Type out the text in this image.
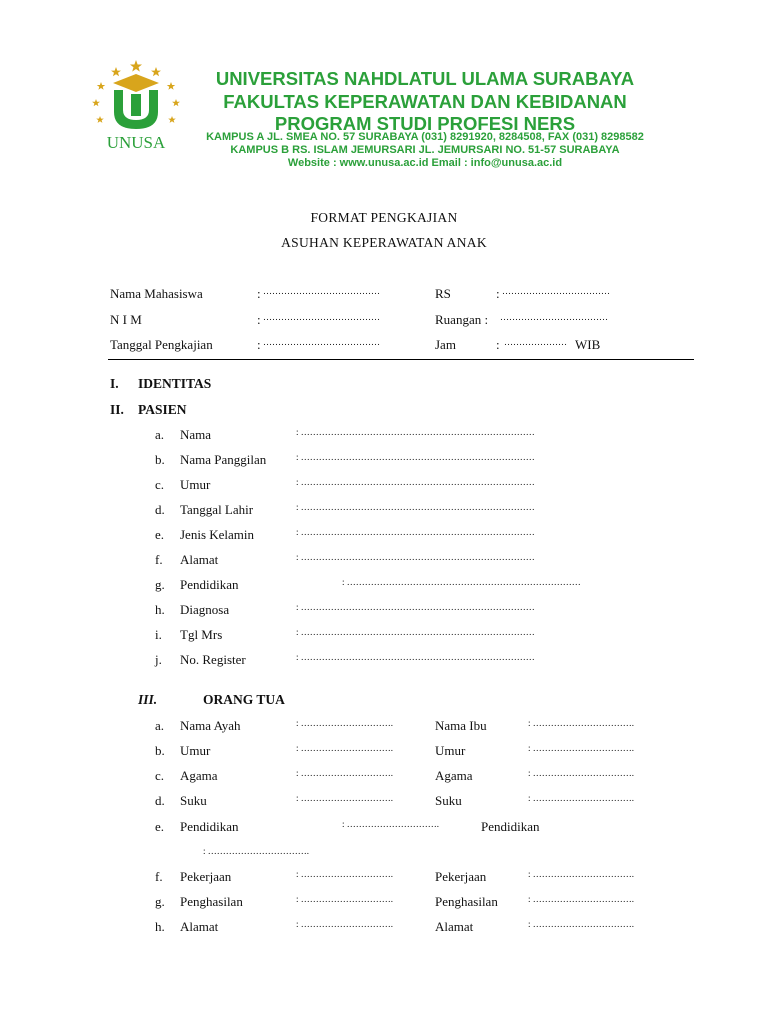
UNUSA
UNIVERSITAS NAHDLATUL ULAMA SURABAYA
FAKULTAS KEPERAWATAN DAN KEBIDANAN
PROGRAM STUDI PROFESI NERS
KAMPUS A JL. SMEA NO. 57 SURABAYA (031) 8291920, 8284508, FAX (031) 8298582
KAMPUS B RS. ISLAM JEMURSARI JL. JEMURSARI NO. 51-57 SURABAYA
Website : www.unusa.ac.id Email : info@unusa.ac.id
FORMAT PENGKAJIAN
ASUHAN KEPERAWATAN ANAK
Nama Mahasiswa	: …………………………………
N I M	: …………………………………
Tanggal Pengkajian	: …………………………………
RS	: ………………………………
Ruangan : ………………………………
Jam	: ………………… WIB
I. IDENTITAS
II. PASIEN
a. Nama	: ……………………………………………………………………
b. Nama Panggilan	: ……………………………………………………………………
c. Umur	: ……………………………………………………………………
d. Tanggal Lahir	: ……………………………………………………………………
e. Jenis Kelamin	: ……………………………………………………………………
f. Alamat	: ……………………………………………………………………
g. Pendidikan	: ……………………………………………………………………
h. Diagnosa	: ……………………………………………………………………
i. Tgl Mrs	: ……………………………………………………………………
j. No. Register	: ……………………………………………………………………
III.	ORANG TUA
a. Nama Ayah	: ………………………….	Nama Ibu	: …………………………….
b. Umur	: ………………………….	Umur	: …………………………….
c. Agama	: ………………………….	Agama	: …………………………….
d. Suku	: ………………………….	Suku	: …………………………….
e. Pendidikan	: ………………………….	Pendidikan
: …………………………….
f. Pekerjaan	: ………………………….	Pekerjaan	: …………………………….
g. Penghasilan	: ………………………….	Penghasilan	: …………………………….
h. Alamat	: ………………………….	Alamat	: …………………………….
